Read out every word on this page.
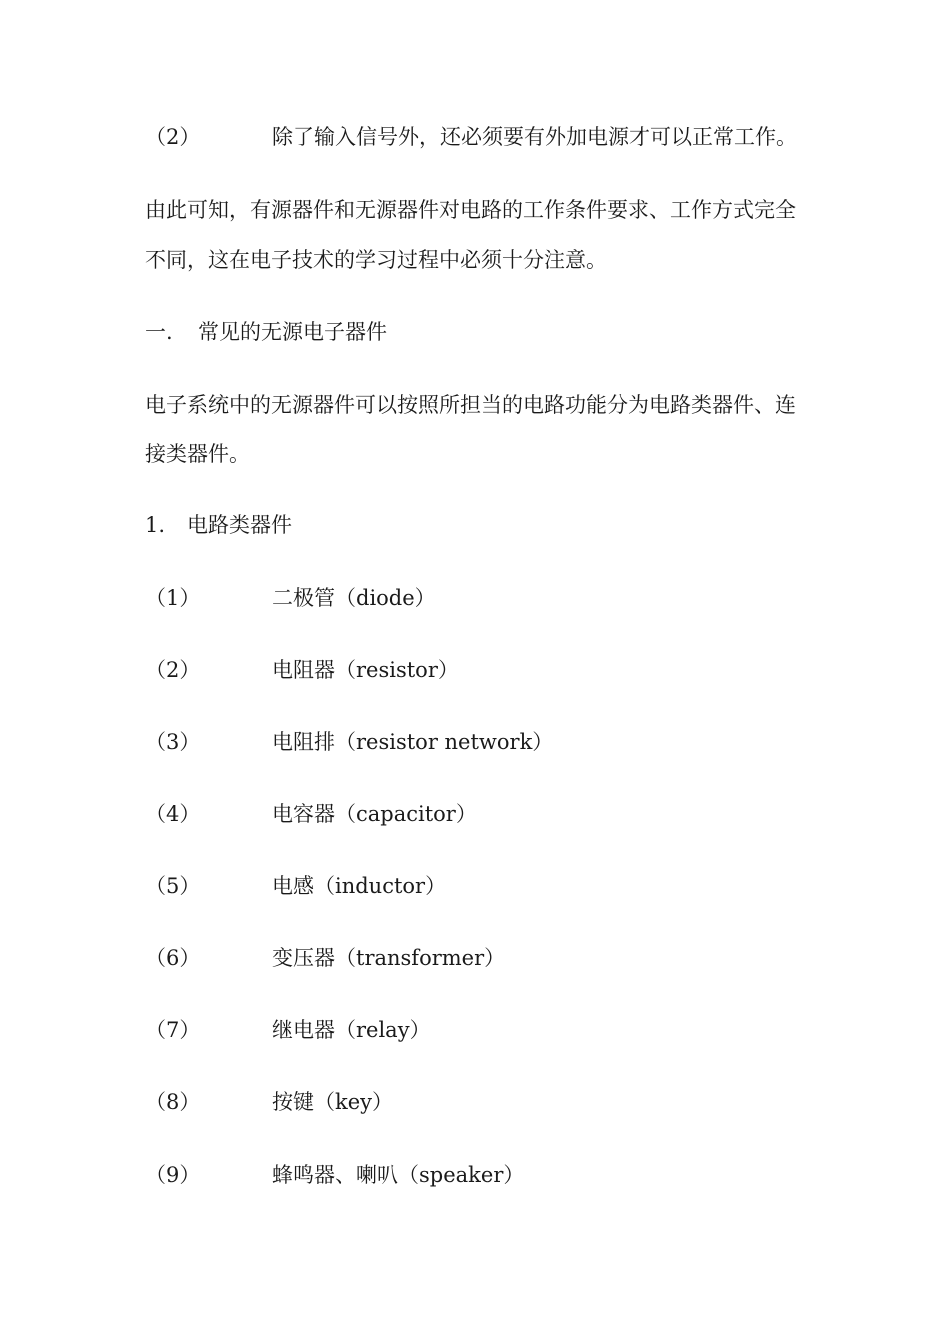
（2）	除了输入信号外，还必须要有外加电源才可以正常工作。
由此可知，有源器件和无源器件对电路的工作条件要求、工作方式完全
不同，这在电子技术的学习过程中必须十分注意。
一. 常见的无源电子器件
电子系统中的无源器件可以按照所担当的电路功能分为电路类器件、连
接类器件。
1. 电路类器件
（1）	二极管（diode）
（2）	电阻器（resistor）
（3）	电阻排（resistor network）
（4）	电容器（capacitor）
（5）	电感（inductor）
（6）	变压器（transformer）
（7）	继电器（relay）
（8）	按键（key）
（9）	蜂鸣器、喇叭（speaker）
